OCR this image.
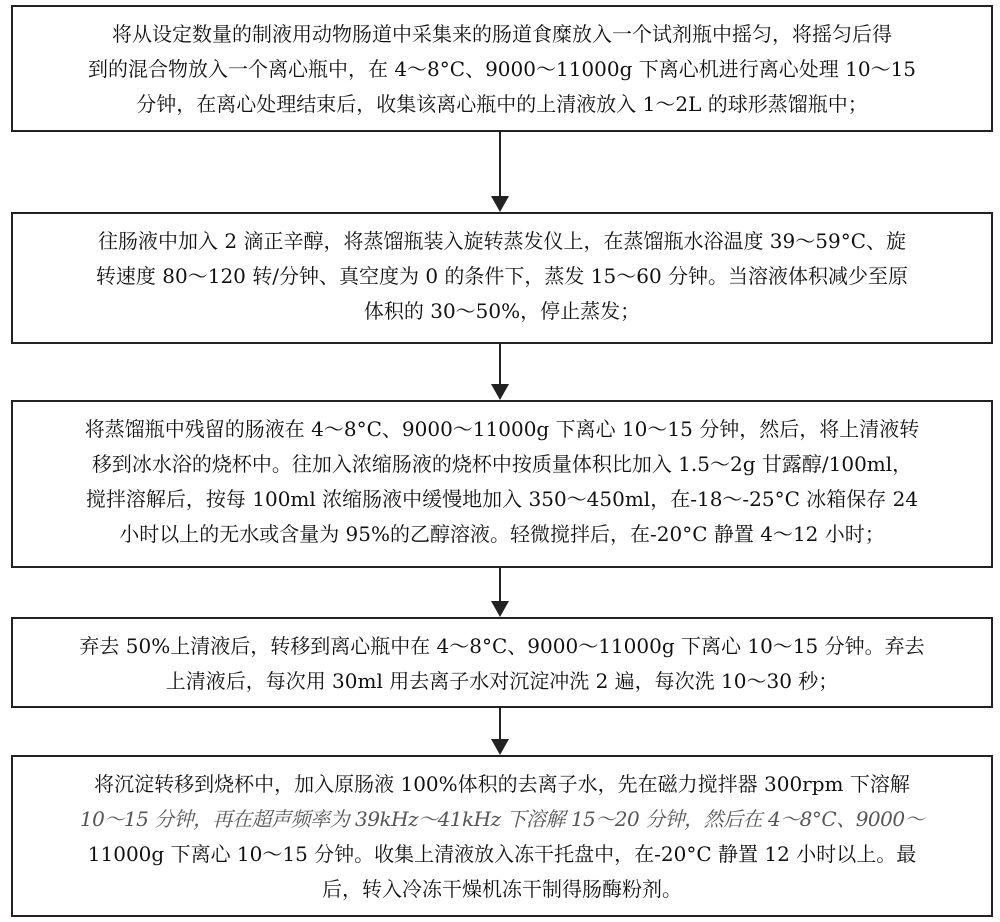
将从设定数量的制液用动物肠道中采集来的肠道食糜放入一个试剂瓶中摇匀，将摇匀后得
到的混合物放入一个离心瓶中，在 4～8°C、9000～11000g 下离心机进行离心处理 10～15
分钟，在离心处理结束后，收集该离心瓶中的上清液放入 1～2L 的球形蒸馏瓶中；
往肠液中加入 2 滴正辛醇，将蒸馏瓶装入旋转蒸发仪上，在蒸馏瓶水浴温度 39～59°C、旋
转速度 80～120 转/分钟、真空度为 0 的条件下，蒸发 15～60 分钟。当溶液体积减少至原
体积的 30～50%，停止蒸发；
将蒸馏瓶中残留的肠液在 4～8°C、9000～11000g 下离心 10～15 分钟，然后，将上清液转
移到冰水浴的烧杯中。往加入浓缩肠液的烧杯中按质量体积比加入 1.5～2g 甘露醇/100ml，
搅拌溶解后，按每 100ml 浓缩肠液中缓慢地加入 350～450ml，在-18～-25°C 冰箱保存 24
小时以上的无水或含量为 95%的乙醇溶液。轻微搅拌后，在-20°C 静置 4～12 小时；
弃去 50%上清液后，转移到离心瓶中在 4～8°C、9000～11000g 下离心 10～15 分钟。弃去
上清液后，每次用 30ml 用去离子水对沉淀冲洗 2 遍，每次洗 10～30 秒；
将沉淀转移到烧杯中，加入原肠液 100%体积的去离子水，先在磁力搅拌器 300rpm 下溶解
10～15 分钟，再在超声频率为 39kHz～41kHz 下溶解 15～20 分钟，然后在 4～8°C、9000～
11000g 下离心 10～15 分钟。收集上清液放入冻干托盘中，在-20°C 静置 12 小时以上。最
后，转入冷冻干燥机冻干制得肠酶粉剂。
